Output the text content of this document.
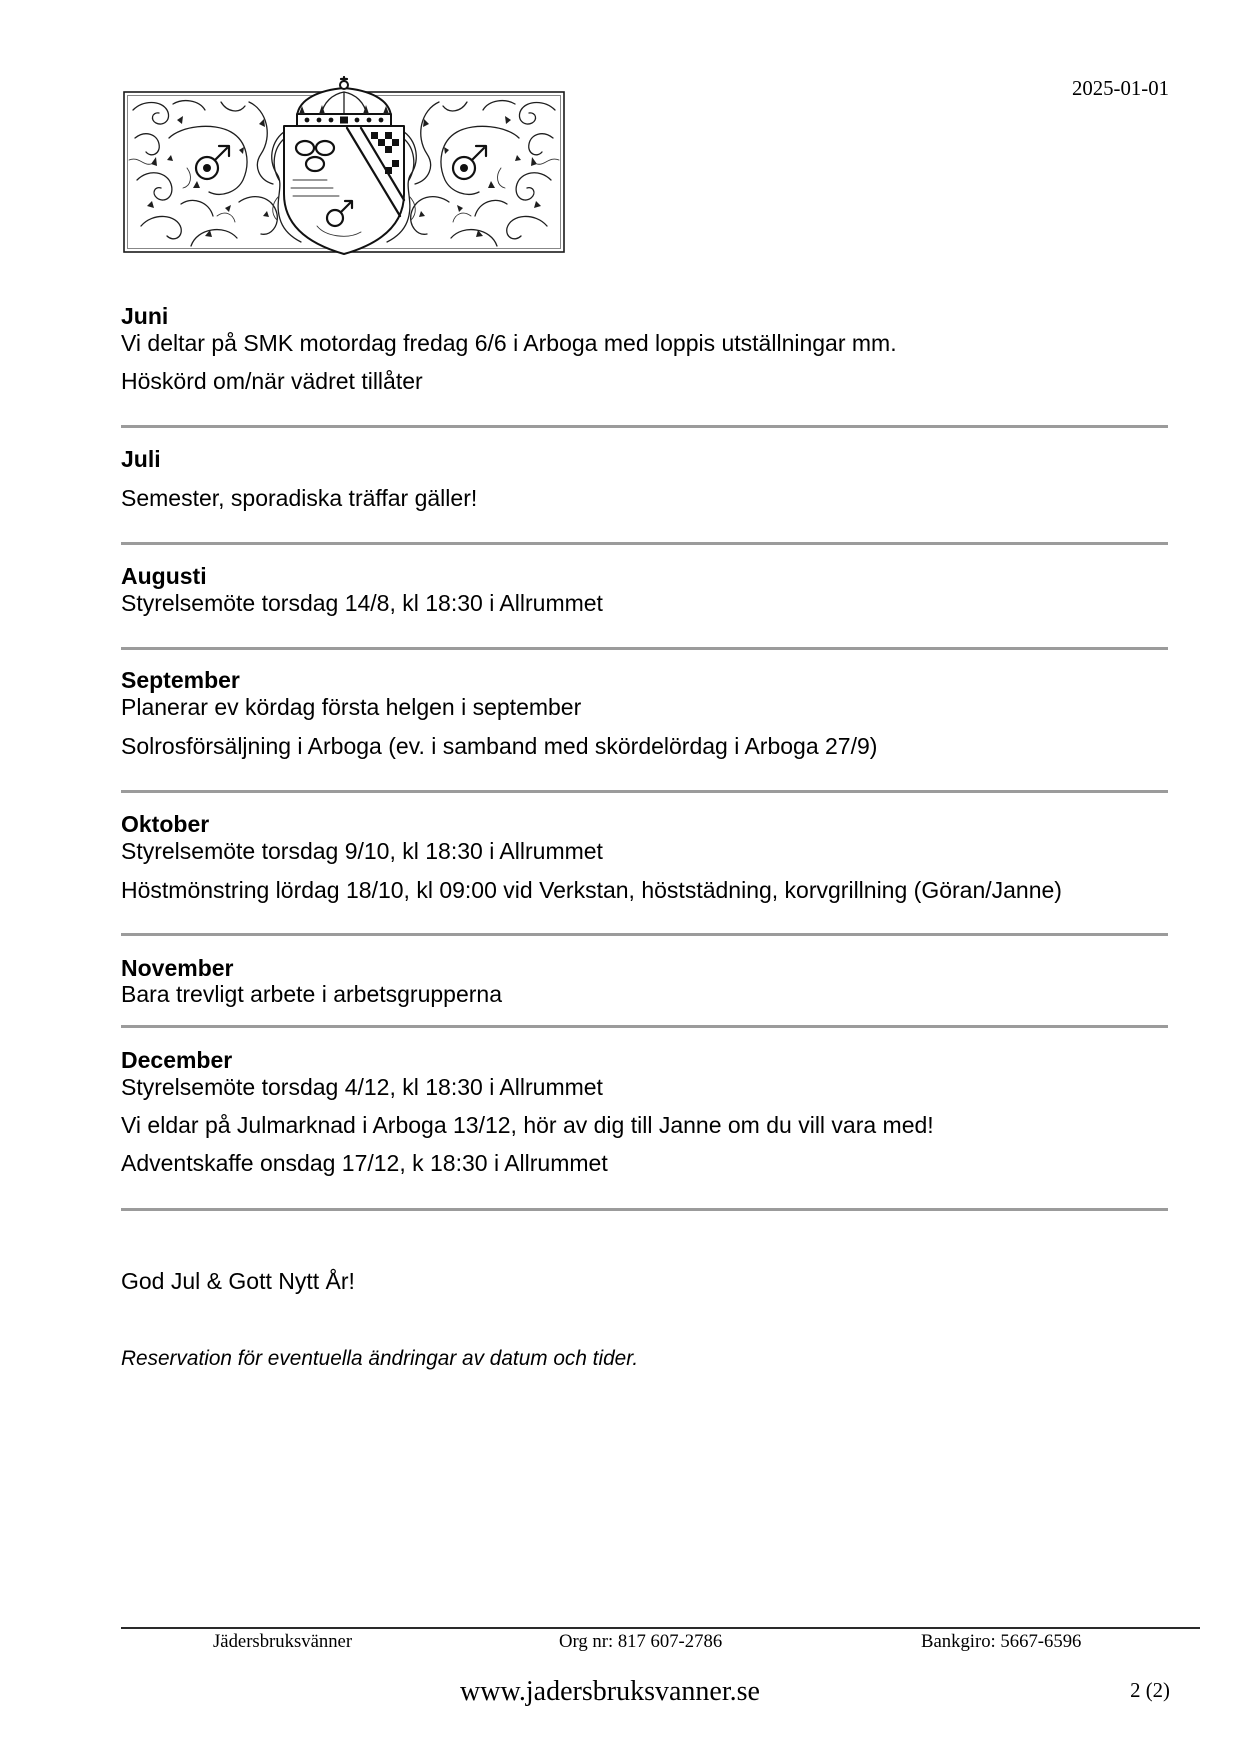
2025-01-01
Juni
Vi deltar på SMK motordag fredag 6/6 i Arboga med loppis utställningar mm.
Höskörd om/när vädret tillåter
Juli
Semester, sporadiska träffar gäller!
Augusti
Styrelsemöte torsdag 14/8, kl 18:30 i Allrummet
September
Planerar ev kördag första helgen i september
Solrosförsäljning i Arboga (ev. i samband med skördelördag i Arboga 27/9)
Oktober
Styrelsemöte torsdag 9/10, kl 18:30 i Allrummet
Höstmönstring lördag 18/10, kl 09:00 vid Verkstan, höststädning, korvgrillning (Göran/Janne)
November
Bara trevligt arbete i arbetsgrupperna
December
Styrelsemöte torsdag 4/12, kl 18:30 i Allrummet
Vi eldar på Julmarknad i Arboga 13/12, hör av dig till Janne om du vill vara med!
Adventskaffe onsdag 17/12, k 18:30 i Allrummet
God Jul & Gott Nytt År!
Reservation för eventuella ändringar av datum och tider.
Jädersbruksvänner	Org nr: 817 607-2786	Bankgiro: 5667-6596
www.jadersbruksvanner.se	2 (2)
